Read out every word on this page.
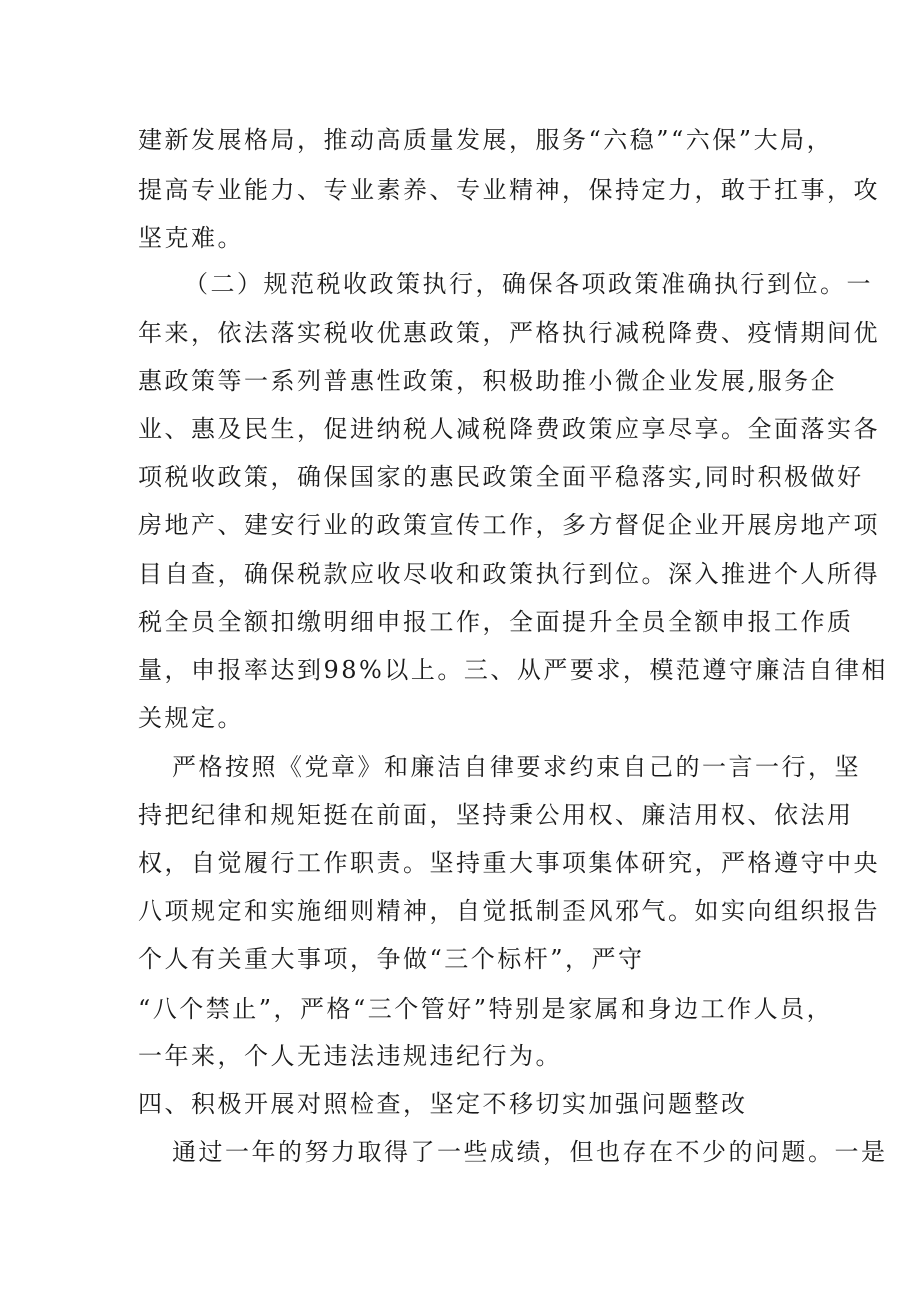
建新发展格局，推动高质量发展，服务“六稳”“六保”大局，
提高专业能力、专业素养、专业精神，保持定力，敢于扛事，攻
坚克难。
（二）规范税收政策执行，确保各项政策准确执行到位。一
年来，依法落实税收优惠政策，严格执行减税降费、疫情期间优
惠政策等一系列普惠性政策，积极助推小微企业发展,服务企
业、惠及民生，促进纳税人减税降费政策应享尽享。全面落实各
项税收政策，确保国家的惠民政策全面平稳落实,同时积极做好
房地产、建安行业的政策宣传工作，多方督促企业开展房地产项
目自查，确保税款应收尽收和政策执行到位。深入推进个人所得
税全员全额扣缴明细申报工作，全面提升全员全额申报工作质
量，申报率达到98%以上。三、从严要求，模范遵守廉洁自律相
关规定。
严格按照《党章》和廉洁自律要求约束自己的一言一行，坚
持把纪律和规矩挺在前面，坚持秉公用权、廉洁用权、依法用
权，自觉履行工作职责。坚持重大事项集体研究，严格遵守中央
八项规定和实施细则精神，自觉抵制歪风邪气。如实向组织报告
个人有关重大事项，争做“三个标杆”，严守
“八个禁止”，严格“三个管好”特别是家属和身边工作人员，
一年来，个人无违法违规违纪行为。
四、积极开展对照检查，坚定不移切实加强问题整改
通过一年的努力取得了一些成绩，但也存在不少的问题。一是
